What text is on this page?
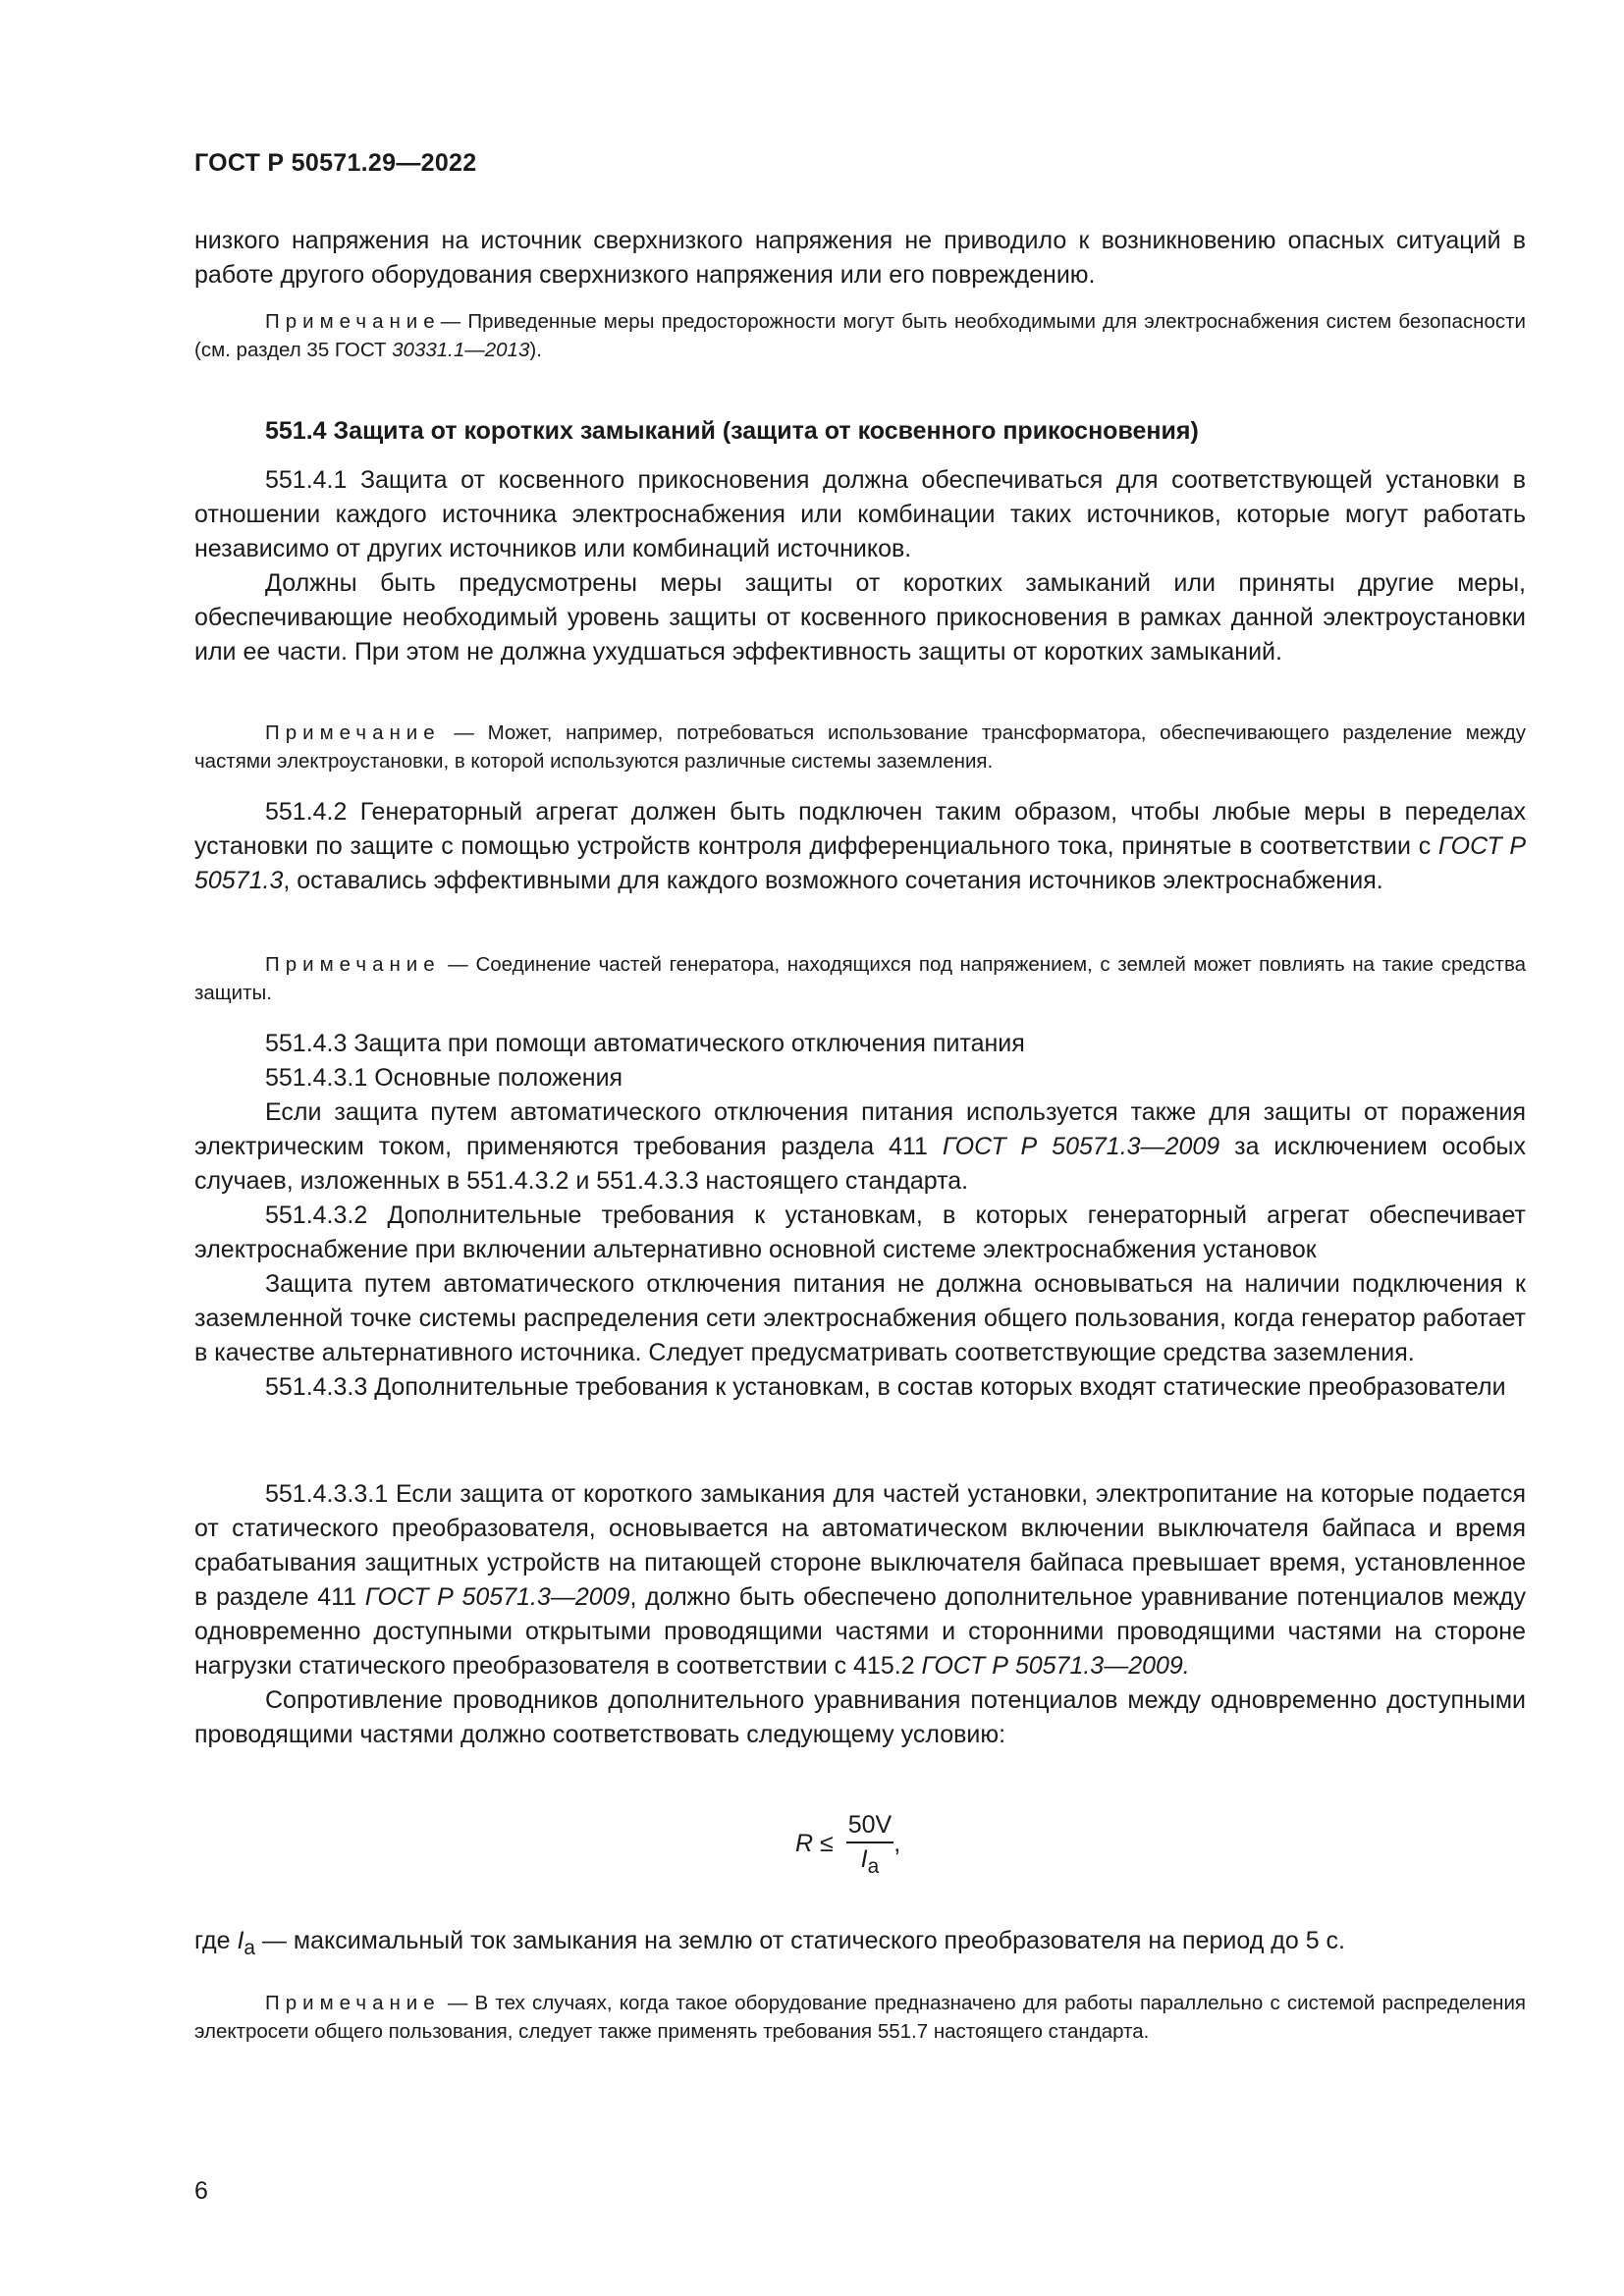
ГОСТ Р 50571.29—2022

низкого напряжения на источник сверхнизкого напряжения не приводило к возникновению опасных ситуаций в работе другого оборудования сверхнизкого напряжения или его повреждению.

Примечание— Приведенные меры предосторожности могут быть необходимыми для электроснабжения систем безопасности (см. раздел 35 ГОСТ 30331.1—2013).

551.4 Защита от коротких замыканий (защита от косвенного прикосновения)

551.4.1 Защита от косвенного прикосновения должна обеспечиваться для соответствующей установки в отношении каждого источника электроснабжения или комбинации таких источников, которые могут работать независимо от других источников или комбинаций источников.

Должны быть предусмотрены меры защиты от коротких замыканий или приняты другие меры, обеспечивающие необходимый уровень защиты от косвенного прикосновения в рамках данной электроустановки или ее части. При этом не должна ухудшаться эффективность защиты от коротких замыканий.

Примечание — Может, например, потребоваться использование трансформатора, обеспечивающего разделение между частями электроустановки, в которой используются различные системы заземления.

551.4.2 Генераторный агрегат должен быть подключен таким образом, чтобы любые меры в переделах установки по защите с помощью устройств контроля дифференциального тока, принятые в соответствии с ГОСТ Р 50571.3, оставались эффективными для каждого возможного сочетания источников электроснабжения.

Примечание — Соединение частей генератора, находящихся под напряжением, с землей может повлиять на такие средства защиты.

551.4.3 Защита при помощи автоматического отключения питания

551.4.3.1 Основные положения

Если защита путем автоматического отключения питания используется также для защиты от поражения электрическим током, применяются требования раздела 411 ГОСТ Р 50571.3—2009 за исключением особых случаев, изложенных в 551.4.3.2 и 551.4.3.3 настоящего стандарта.

551.4.3.2 Дополнительные требования к установкам, в которых генераторный агрегат обеспечивает электроснабжение при включении альтернативно основной системе электроснабжения установок

Защита путем автоматического отключения питания не должна основываться на наличии подключения к заземленной точке системы распределения сети электроснабжения общего пользования, когда генератор работает в качестве альтернативного источника. Следует предусматривать соответствующие средства заземления.

551.4.3.3 Дополнительные требования к установкам, в состав которых входят статические преобразователи

551.4.3.3.1 Если защита от короткого замыкания для частей установки, электропитание на которые подается от статического преобразователя, основывается на автоматическом включении выключателя байпаса и время срабатывания защитных устройств на питающей стороне выключателя байпаса превышает время, установленное в разделе 411 ГОСТ Р 50571.3—2009, должно быть обеспечено дополнительное уравнивание потенциалов между одновременно доступными открытыми проводящими частями и сторонними проводящими частями на стороне нагрузки статического преобразователя в соответствии с 415.2 ГОСТ Р 50571.3—2009.

Сопротивление проводников дополнительного уравнивания потенциалов между одновременно доступными проводящими частями должно соответствовать следующему условию:

$R \le \frac{50V}{I_a}$ ,
где $I_a$ — максимальный ток замыкания на землю от статического преобразователя на период до 5 с.

Примечание — В тех случаях, когда такое оборудование предназначено для работы параллельно с системой распределения электросети общего пользования, следует также применять требования 551.7 настоящего стандарта.

6
